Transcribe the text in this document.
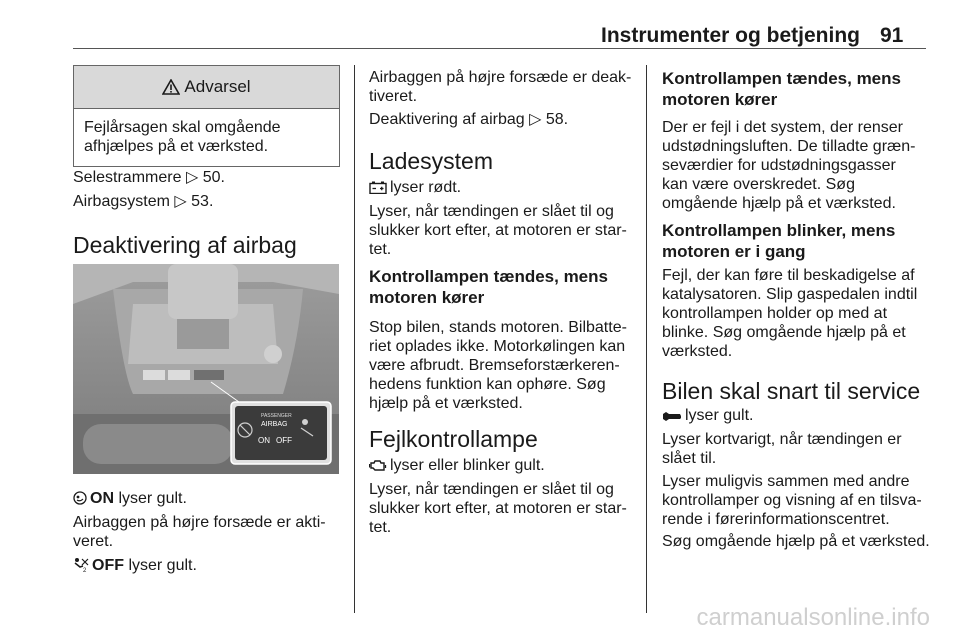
Instrumenter og betjening 91
Advarsel
Fejlårsagen skal omgående afhjælpes på et værksted.

Selestrammere ▷ 50.

Airbagsystem ▷ 53.

Deaktivering af airbag
PASSENGER
AIRBAG
ON OFF

ON lyser gult.

Airbaggen på højre forsæde er akti-veret.

2 OFF lyser gult.

Airbaggen på højre forsæde er deak-tiveret.

Deaktivering af airbag ▷ 58.

Ladesystem

lyser rødt.

Lyser, når tændingen er slået til og slukker kort efter, at motoren er star-tet.

Kontrollampen tændes, mens
motoren kører

Stop bilen, stands motoren. Bilbatte-riet oplades ikke. Motorkølingen kan være afbrudt. Bremseforstærkeren-hedens funktion kan ophøre. Søg hjælp på et værksted.

Fejlkontrollampe

lyser eller blinker gult.

Lyser, når tændingen er slået til og slukker kort efter, at motoren er star-tet.

Kontrollampen tændes, mens
motoren kører

Der er fejl i det system, der renser udstødningsluften. De tilladte græn-seværdier for udstødningsgasser kan være overskredet. Søg omgående hjælp på et værksted.

Kontrollampen blinker, mens
motoren er i gang

Fejl, der kan føre til beskadigelse af katalysatoren. Slip gaspedalen indtil kontrollampen holder op med at blinke. Søg omgående hjælp på et værksted.

Bilen skal snart til service

lyser gult.

Lyser kortvarigt, når tændingen er slået til.

Lyser muligvis sammen med andre kontrollamper og visning af en tilsva-rende i førerinformationscentret.

Søg omgående hjælp på et værksted.

carmanualsonline.info
